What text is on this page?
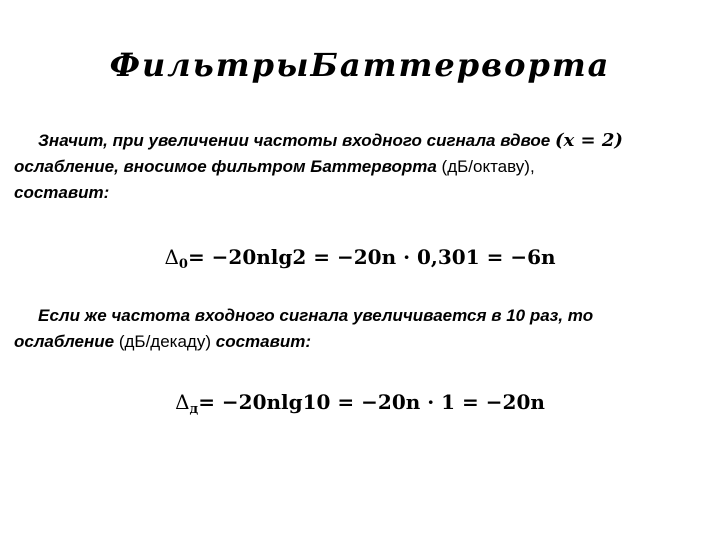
ФильтрыБаттерворта
Значит, при увеличении частоты входного сигнала вдвое (x = 2)
ослабление, вносимое фильтром Баттерворта (дБ/октаву),
составит:
$\Delta_0= -20nlg2 = -20n \cdot 0,301 = -6n$
Если же частота входного сигнала увеличивается в 10 раз, то
ослабление (дБ/декаду) составит:
$\Delta_д= -20nlg10 = -20n \cdot 1 = -20n$
